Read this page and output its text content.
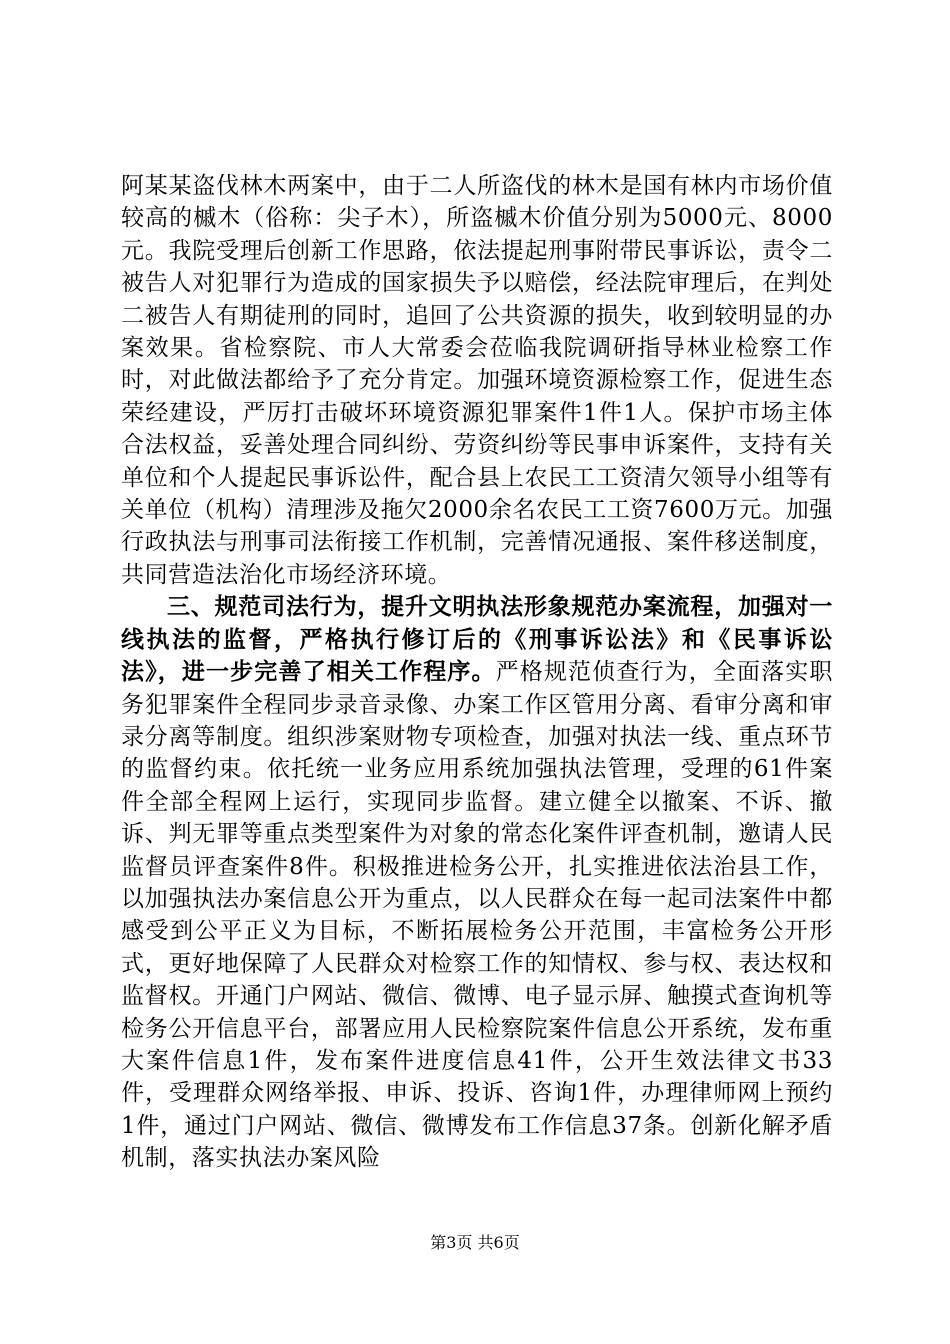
阿某某盗伐林木两案中，由于二人所盗伐的林木是国有林内市场价值较高的槭木（俗称：尖子木），所盗槭木价值分别为5000元、8000元。我院受理后创新工作思路，依法提起刑事附带民事诉讼，责令二被告人对犯罪行为造成的国家损失予以赔偿，经法院审理后，在判处二被告人有期徒刑的同时，追回了公共资源的损失，收到较明显的办案效果。省检察院、市人大常委会莅临我院调研指导林业检察工作时，对此做法都给予了充分肯定。加强环境资源检察工作，促进生态荣经建设，严厉打击破坏环境资源犯罪案件1件1人。保护市场主体合法权益，妥善处理合同纠纷、劳资纠纷等民事申诉案件，支持有关单位和个人提起民事诉讼件，配合县上农民工工资清欠领导小组等有关单位（机构）清理涉及拖欠2000余名农民工工资7600万元。加强行政执法与刑事司法衔接工作机制，完善情况通报、案件移送制度，共同营造法治化市场经济环境。

三、规范司法行为，提升文明执法形象规范办案流程，加强对一线执法的监督，严格执行修订后的《刑事诉讼法》和《民事诉讼法》，进一步完善了相关工作程序。严格规范侦查行为，全面落实职务犯罪案件全程同步录音录像、办案工作区管用分离、看审分离和审录分离等制度。组织涉案财物专项检查，加强对执法一线、重点环节的监督约束。依托统一业务应用系统加强执法管理，受理的61件案件全部全程网上运行，实现同步监督。建立健全以撤案、不诉、撤诉、判无罪等重点类型案件为对象的常态化案件评查机制，邀请人民监督员评查案件8件。积极推进检务公开，扎实推进依法治县工作，以加强执法办案信息公开为重点，以人民群众在每一起司法案件中都感受到公平正义为目标，不断拓展检务公开范围，丰富检务公开形式，更好地保障了人民群众对检察工作的知情权、参与权、表达权和监督权。开通门户网站、微信、微博、电子显示屏、触摸式查询机等检务公开信息平台，部署应用人民检察院案件信息公开系统，发布重大案件信息1件，发布案件进度信息41件，公开生效法律文书33件，受理群众网络举报、申诉、投诉、咨询1件，办理律师网上预约1件，通过门户网站、微信、微博发布工作信息37条。创新化解矛盾机制，落实执法办案风险

第3页 共6页
